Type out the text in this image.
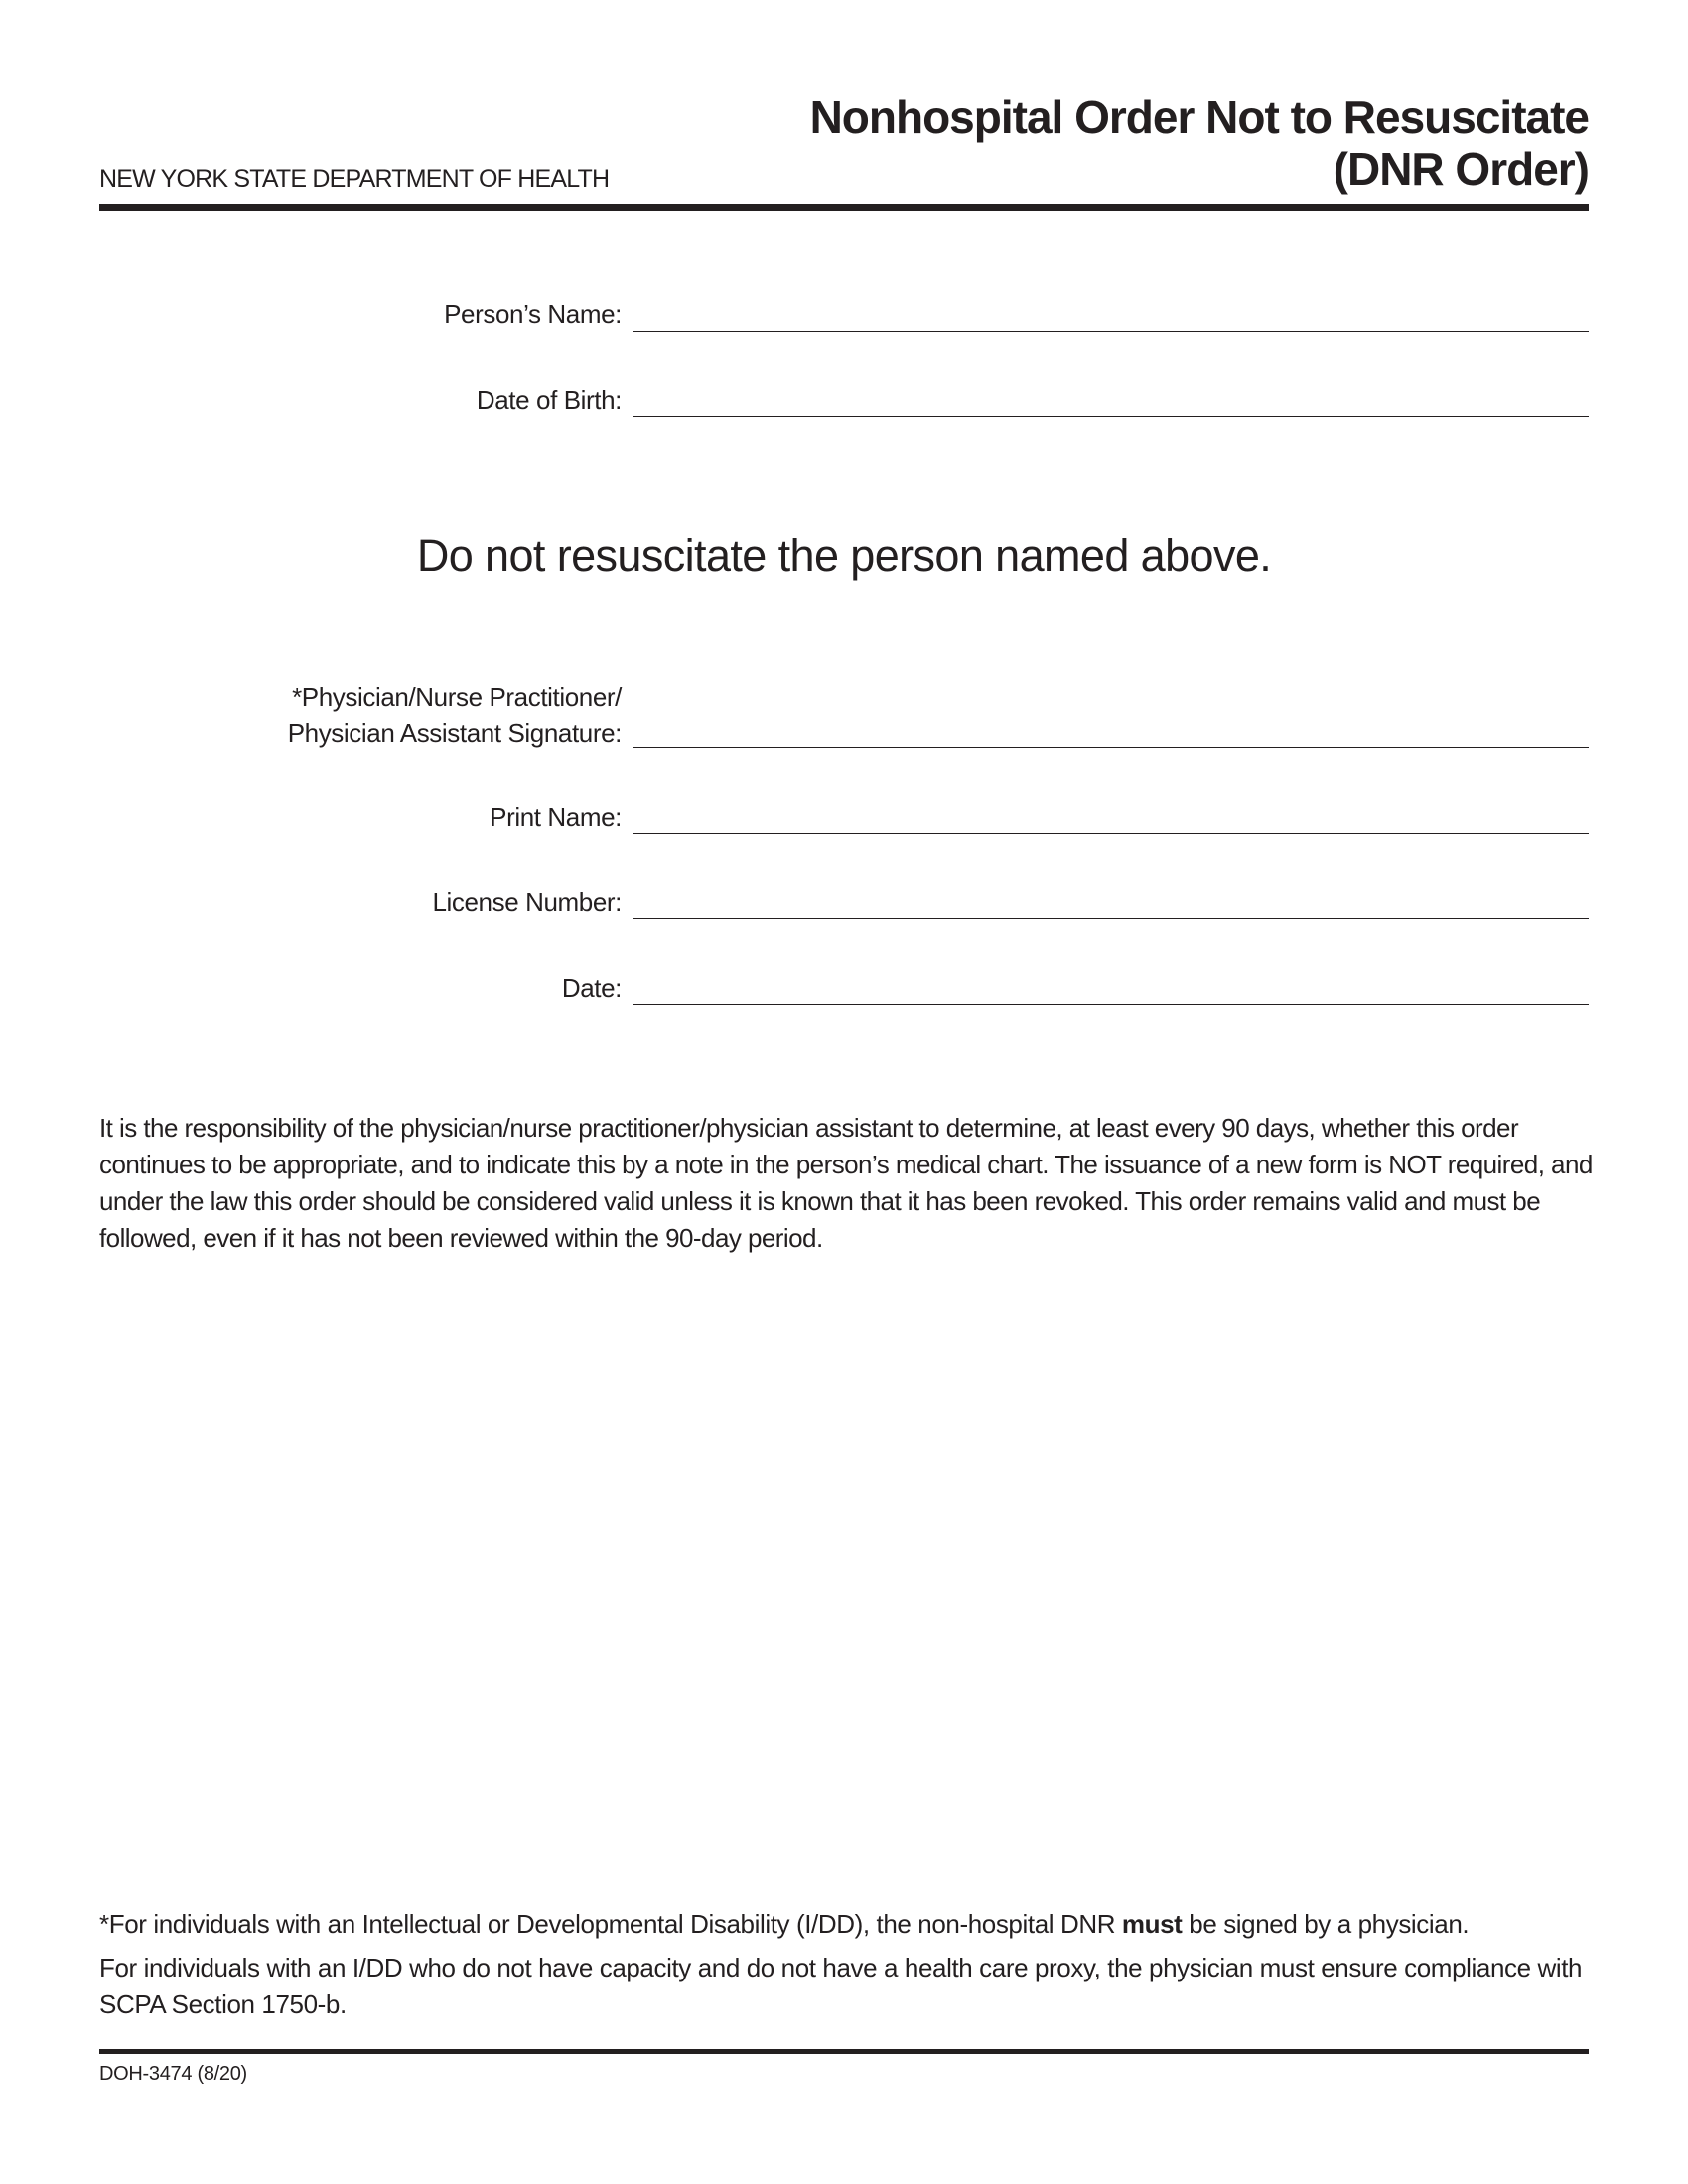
NEW YORK STATE DEPARTMENT OF HEALTH
Nonhospital Order Not to Resuscitate
(DNR Order)
Person’s Name:
Date of Birth:
Do not resuscitate the person named above.
*Physician/Nurse Practitioner/
Physician Assistant Signature:
Print Name:
License Number:
Date:
It is the responsibility of the physician/nurse practitioner/physician assistant to determine, at least every 90 days, whether this order continues to be appropriate, and to indicate this by a note in the person’s medical chart. The issuance of a new form is NOT required, and under the law this order should be considered valid unless it is known that it has been revoked. This order remains valid and must be followed, even if it has not been reviewed within the 90-day period.
*For individuals with an Intellectual or Developmental Disability (I/DD), the non-hospital DNR must be signed by a physician.
For individuals with an I/DD who do not have capacity and do not have a health care proxy, the physician must ensure compliance with SCPA Section 1750-b.
DOH-3474 (8/20)
